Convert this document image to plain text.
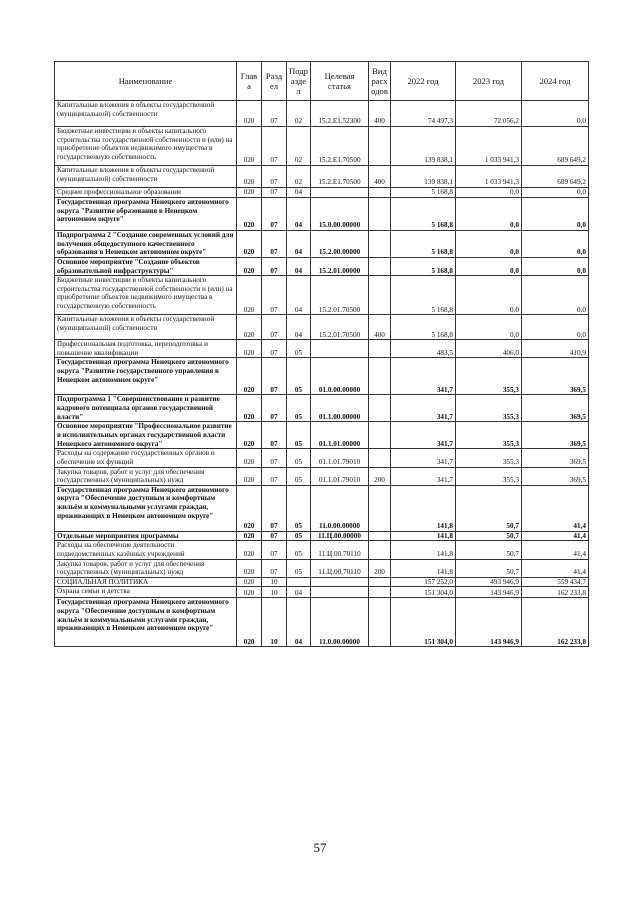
Наименование	Глав а	Разд ел	Подр азде л	Целевая статья	Вид расх одов	2022 год	2023 год	2024 год
Капитальные вложения в объекты государственной (муниципальной) собственности	020	07	02	15.2.Е1.52300	400	74 497,3	72 056,2	0,0
Бюджетные инвестиции в объекты капитального строительства государственной собственности и (или) на приобретение объектов недвижимого имущества в государственную собственность	020	07	02	15.2.Е1.70500		139 838,1	1 033 941,3	689 649,2
Капитальные вложения в объекты государственной (муниципальной) собственности	020	07	02	15.2.Е1.70500	400	139 838,1	1 033 941,3	689 649,2
Среднее профессиональное образование	020	07	04			5 168,8	0,0	0,0
Государственная программа Ненецкого автономного округа "Развитие образования в Ненецком автономном округе"	020	07	04	15.0.00.00000		5 168,8	0,0	0,0
Подпрограмма 2 "Создание современных условий для получения общедоступного качественного образования в Ненецком автономном округе"	020	07	04	15.2.00.00000		5 168,8	0,0	0,0
Основное мероприятие "Создание объектов образовательной инфраструктуры"	020	07	04	15.2.01.00000		5 168,8	0,0	0,0
Бюджетные инвестиции в объекты капитального строительства государственной собственности и (или) на приобретение объектов недвижимого имущества в государственную собственность	020	07	04	15.2.01.70500		5 168,8	0,0	0,0
Капитальные вложения в объекты государственной (муниципальной) собственности	020	07	04	15.2.01.70500	400	5 168,8	0,0	0,0
Профессиональная подготовка, переподготовка и повышение квалификации	020	07	05			483,5	406,0	410,9
Государственная программа Ненецкого автономного округа "Развитие государственного управления в Ненецком автономном округе"	020	07	05	01.0.00.00000		341,7	355,3	369,5
Подпрограмма 1 "Совершенствование и развитие кадрового потенциала органов государственной власти"	020	07	05	01.1.00.00000		341,7	355,3	369,5
Основное мероприятие "Профессиональное развитие в исполнительных органах государственной власти Ненецкого автономного округа"	020	07	05	01.1.01.00000		341,7	355,3	369,5
Расходы на содержание государственных органов и обеспечение их функций	020	07	05	01.1.01.79010		341,7	355,3	369,5
Закупка товаров, работ и услуг для обеспечения государственных (муниципальных) нужд	020	07	05	01.1.01.79010	200	341,7	355,3	369,5
Государственная программа Ненецкого автономного округа "Обеспечение доступным и комфортным жильём и коммунальными услугами граждан, проживающих в Ненецком автономном округе"	020	07	05	11.0.00.00000		141,8	50,7	41,4
Отдельные мероприятия программы	020	07	05	11.Ц.00.00000		141,8	50,7	41,4
Расходы на обеспечение деятельности подведомственных казённых учреждений	020	07	05	11.Ц.00.70110		141,8	50,7	41,4
Закупка товаров, работ и услуг для обеспечения государственных (муниципальных) нужд	020	07	05	11.Ц.00.70110	200	141,8	50,7	41,4
СОЦИАЛЬНАЯ ПОЛИТИКА	020	10				157 252,0	493 946,9	559 434,7
Охрана семьи и детства	020	10	04			151 304,0	143 946,9	162 233,8
Государственная программа Ненецкого автономного округа "Обеспечение доступным и комфортным жильём и коммунальными услугами граждан, проживающих в Ненецком автономном округе"	020	10	04	11.0.00.00000		151 304,0	143 946,9	162 233,8
57
